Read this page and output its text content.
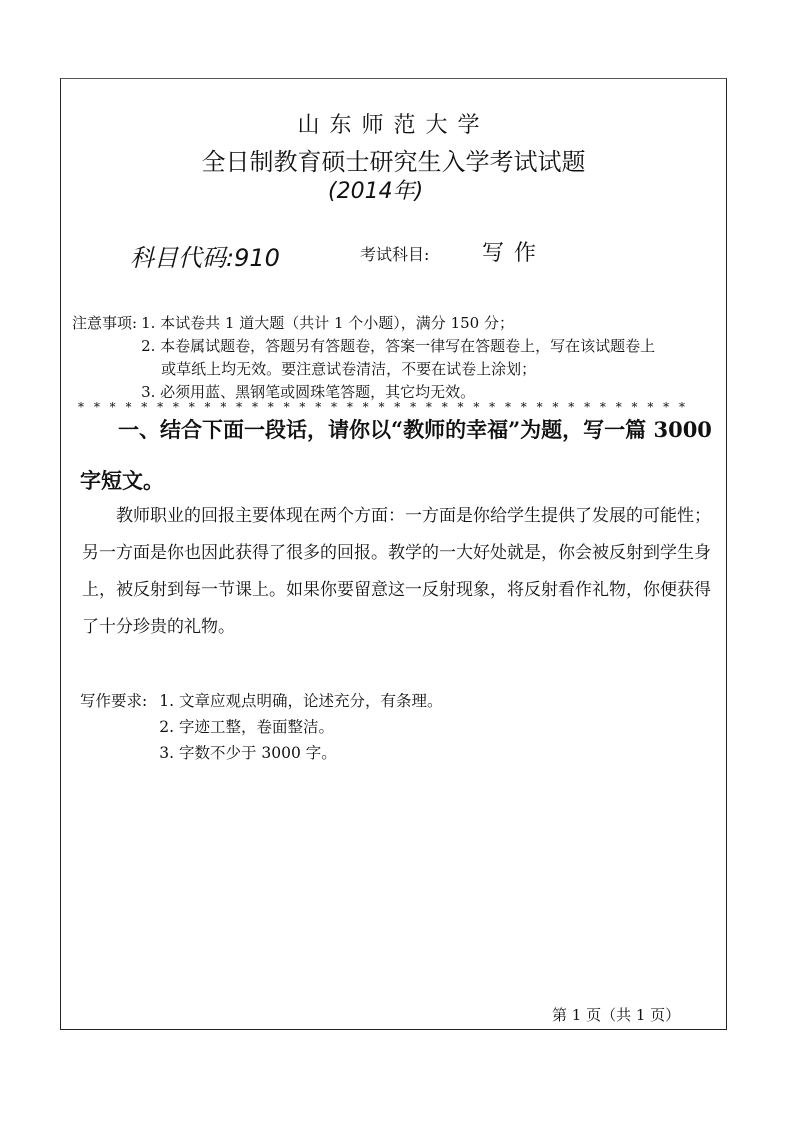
山东师范大学
全日制教育硕士研究生入学考试试题
(2014年)
科目代码:910	考试科目: 写作
注意事项: 1. 本试卷共 1 道大题（共计 1 个小题），满分 150 分；
2. 本卷属试题卷，答题另有答题卷，答案一律写在答题卷上，写在该试题卷上
或草纸上均无效。要注意试卷清洁，不要在试卷上涂划；
3. 必须用蓝、黑钢笔或圆珠笔答题，其它均无效。
* * * * * * * * * * * * * * * * * * * * * * * * * * * * * * * * * * * * * * *
一、结合下面一段话，请你以“教师的幸福”为题，写一篇 3000
字短文。
教师职业的回报主要体现在两个方面：一方面是你给学生提供了发展的可能性；另一方面是你也因此获得了很多的回报。教学的一大好处就是，你会被反射到学生身上，被反射到每一节课上。如果你要留意这一反射现象，将反射看作礼物，你便获得了十分珍贵的礼物。
写作要求: 1. 文章应观点明确，论述充分，有条理。
2. 字迹工整，卷面整洁。
3. 字数不少于 3000 字。
第 1 页（共 1 页）
